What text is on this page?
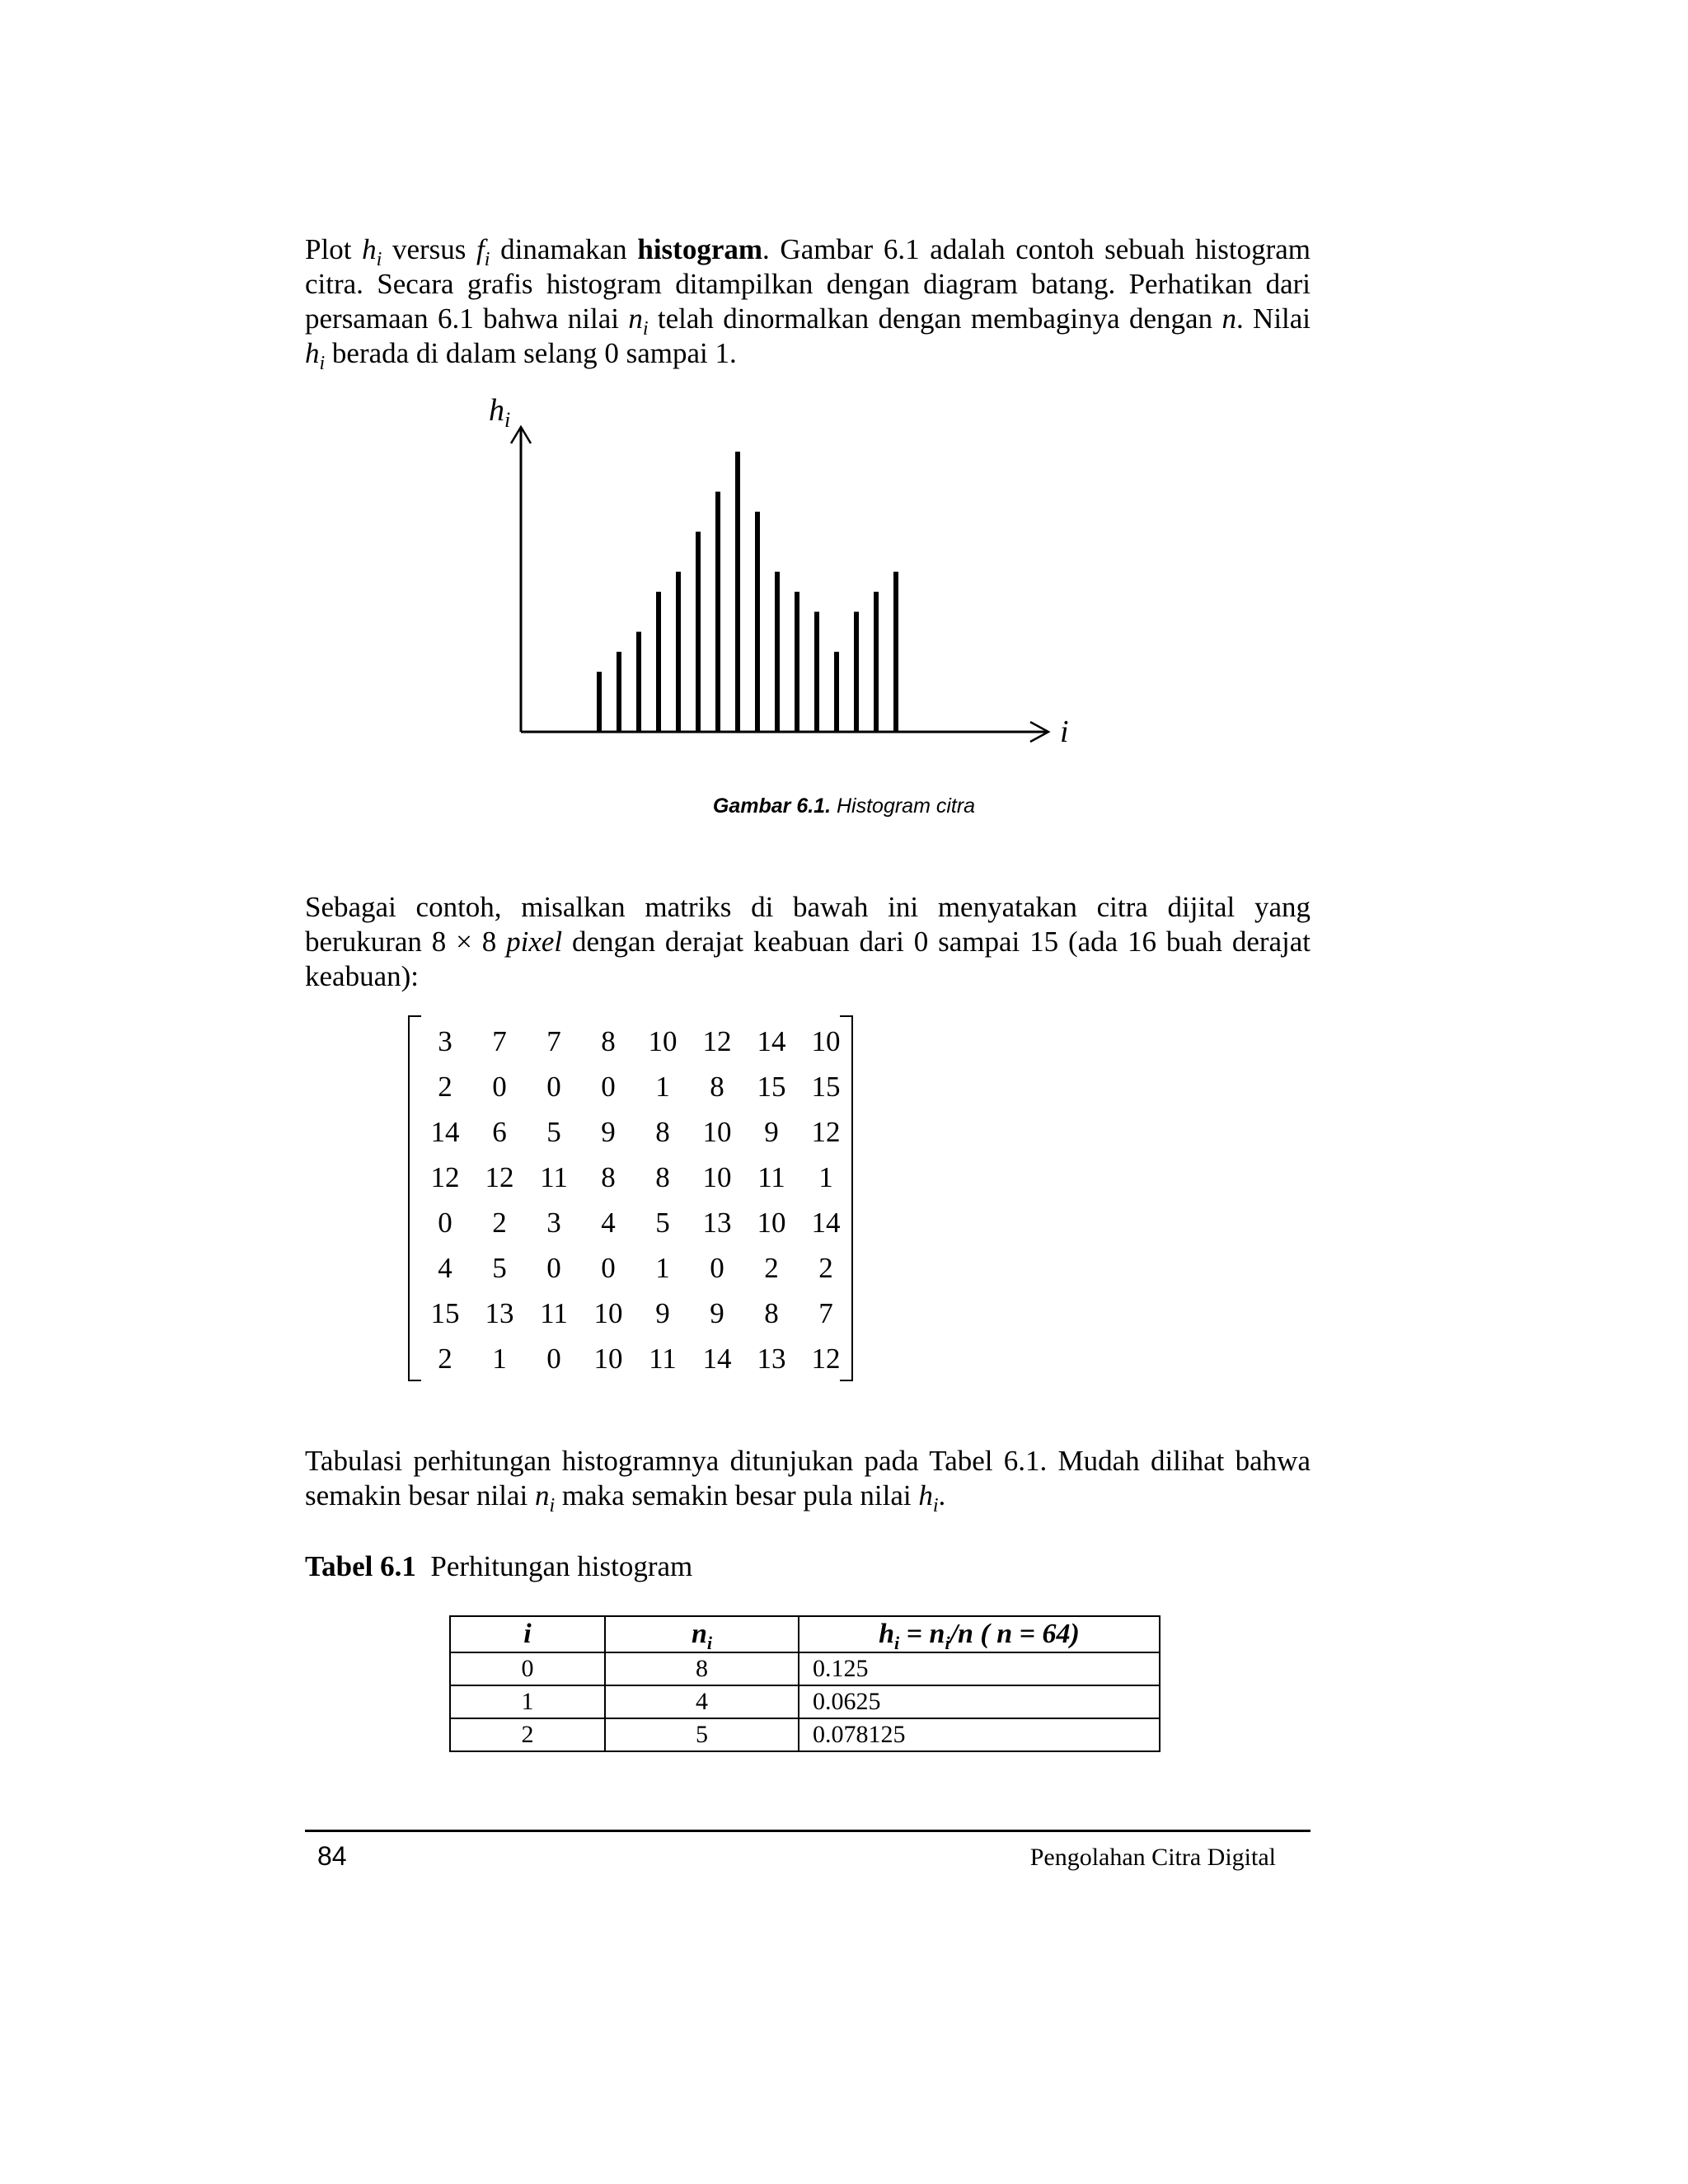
Plot $h_i$ versus $f_i$ dinamakan histogram. Gambar 6.1 adalah contoh sebuah histogram citra. Secara grafis histogram ditampilkan dengan diagram batang. Perhatikan dari persamaan 6.1 bahwa nilai $n_i$ telah dinormalkan dengan membaginya dengan n. Nilai $h_i$ berada di dalam selang 0 sampai 1.

$h_i$
i
Gambar 6.1. Histogram citra

Sebagai contoh, misalkan matriks di bawah ini menyatakan citra dijital yang berukuran 8 × 8 pixel dengan derajat keabuan dari 0 sampai 15 (ada 16 buah derajat keabuan):

3	7	7	8	10	12	14	10
2	0	0	0	1	8	15	15
14	6	5	9	8	10	9	12
12	12	11	8	8	10	11	1
0	2	3	4	5	13	10	14
4	5	0	0	1	0	2	2
15	13	11	10	9	9	8	7
2	1	0	10	11	14	13	12

Tabulasi perhitungan histogramnya ditunjukan pada Tabel 6.1. Mudah dilihat bahwa semakin besar nilai $n_i$ maka semakin besar pula nilai $h_i$.

Tabel 6.1 Perhitungan histogram
i	$n_i$	$h_i = n_i/n$ ( n = 64)
0	8	0.125
1	4	0.0625
2	5	0.078125
84	Pengolahan Citra Digital
